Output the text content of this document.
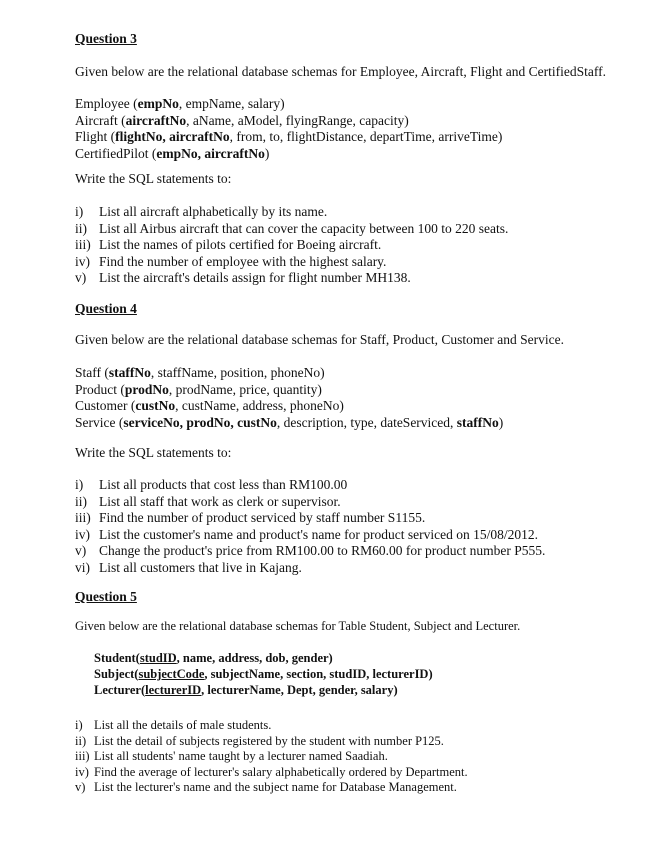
Question 3
Given below are the relational database schemas for Employee, Aircraft, Flight and CertifiedStaff.
Employee (empNo, empName, salary)
Aircraft (aircraftNo, aName, aModel, flyingRange, capacity)
Flight (flightNo, aircraftNo, from, to, flightDistance, departTime, arriveTime)
CertifiedPilot (empNo, aircraftNo)
Write the SQL statements to:
i) List all aircraft alphabetically by its name.
ii) List all Airbus aircraft that can cover the capacity between 100 to 220 seats.
iii) List the names of pilots certified for Boeing aircraft.
iv) Find the number of employee with the highest salary.
v) List the aircraft's details assign for flight number MH138.
Question 4
Given below are the relational database schemas for Staff, Product, Customer and Service.
Staff (staffNo, staffName, position, phoneNo)
Product (prodNo, prodName, price, quantity)
Customer (custNo, custName, address, phoneNo)
Service (serviceNo, prodNo, custNo, description, type, dateServiced, staffNo)
Write the SQL statements to:
i) List all products that cost less than RM100.00
ii) List all staff that work as clerk or supervisor.
iii) Find the number of product serviced by staff number S1155.
iv) List the customer's name and product's name for product serviced on 15/08/2012.
v) Change the product's price from RM100.00 to RM60.00 for product number P555.
vi) List all customers that live in Kajang.
Question 5
Given below are the relational database schemas for Table Student, Subject and Lecturer.
Student(studID, name, address, dob, gender)
Subject(subjectCode, subjectName, section, studID, lecturerID)
Lecturer(lecturerID, lecturerName, Dept, gender, salary)
i) List all the details of male students.
ii) List the detail of subjects registered by the student with number P125.
iii) List all students' name taught by a lecturer named Saadiah.
iv) Find the average of lecturer's salary alphabetically ordered by Department.
v) List the lecturer's name and the subject name for Database Management.
